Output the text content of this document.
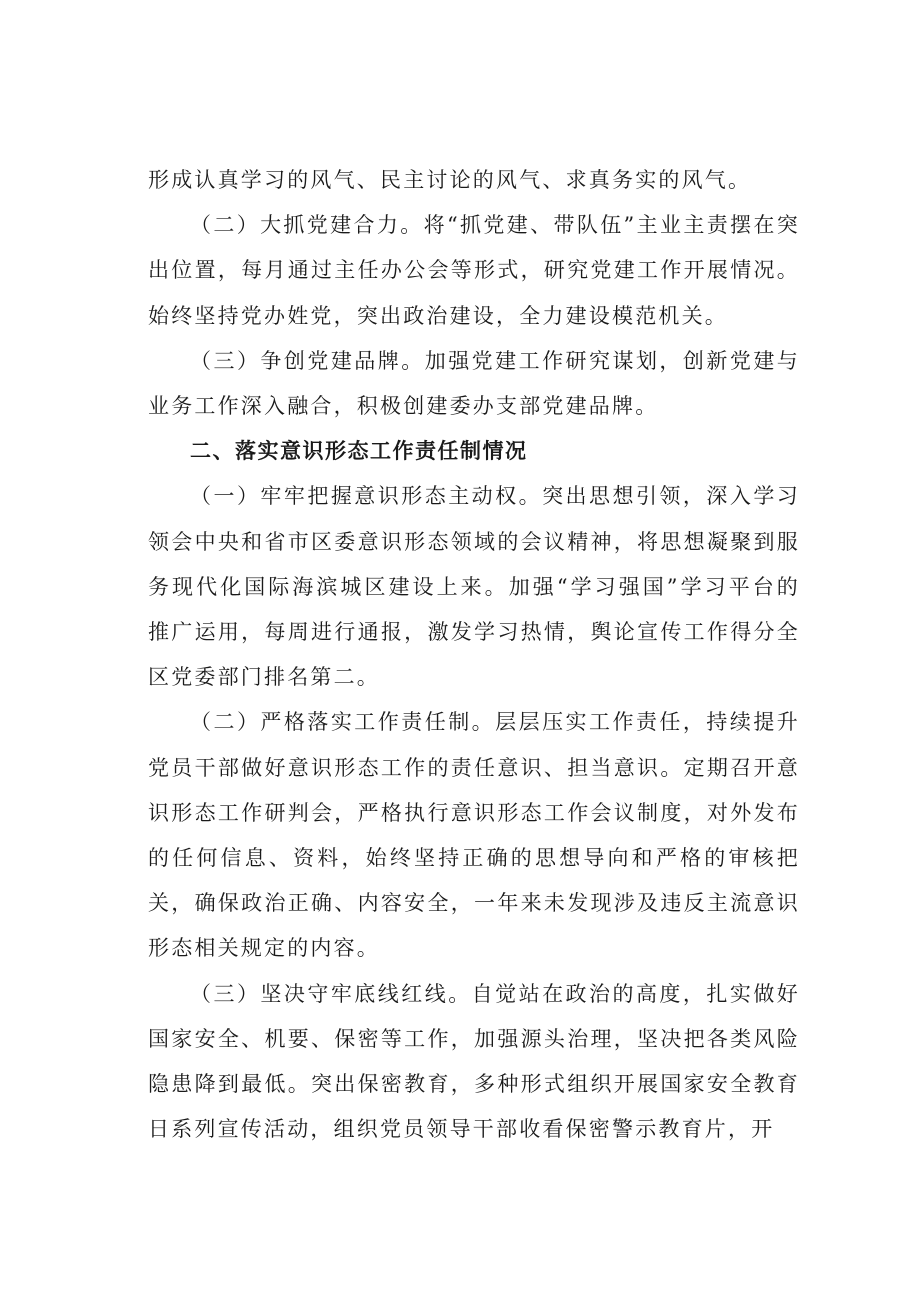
形成认真学习的风气、民主讨论的风气、求真务实的风气。

（二）大抓党建合力。将“抓党建、带队伍”主业主责摆在突出位置，每月通过主任办公会等形式，研究党建工作开展情况。始终坚持党办姓党，突出政治建设，全力建设模范机关。

（三）争创党建品牌。加强党建工作研究谋划，创新党建与业务工作深入融合，积极创建委办支部党建品牌。

二、落实意识形态工作责任制情况

（一）牢牢把握意识形态主动权。突出思想引领，深入学习领会中央和省市区委意识形态领域的会议精神，将思想凝聚到服务现代化国际海滨城区建设上来。加强“学习强国”学习平台的推广运用，每周进行通报，激发学习热情，舆论宣传工作得分全区党委部门排名第二。

（二）严格落实工作责任制。层层压实工作责任，持续提升党员干部做好意识形态工作的责任意识、担当意识。定期召开意识形态工作研判会，严格执行意识形态工作会议制度，对外发布的任何信息、资料，始终坚持正确的思想导向和严格的审核把关，确保政治正确、内容安全，一年来未发现涉及违反主流意识形态相关规定的内容。

（三）坚决守牢底线红线。自觉站在政治的高度，扎实做好国家安全、机要、保密等工作，加强源头治理，坚决把各类风险隐患降到最低。突出保密教育，多种形式组织开展国家安全教育日系列宣传活动，组织党员领导干部收看保密警示教育片，开
